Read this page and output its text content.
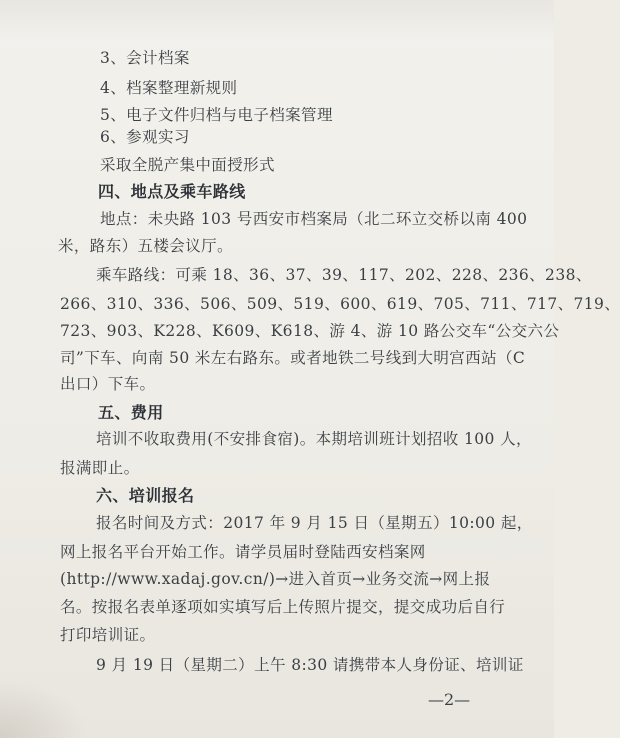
3、会计档案
4、档案整理新规则
5、电子文件归档与电子档案管理
6、参观实习
采取全脱产集中面授形式
四、地点及乘车路线
地点：未央路 103 号西安市档案局（北二环立交桥以南 400
米，路东）五楼会议厅。
乘车路线：可乘 18、36、37、39、117、202、228、236、238、
266、310、336、506、509、519、600、619、705、711、717、719、
723、903、K228、K609、K618、游 4、游 10 路公交车“公交六公
司”下车、向南 50 米左右路东。或者地铁二号线到大明宫西站（C
出口）下车。
五、费用
培训不收取费用(不安排食宿)。本期培训班计划招收 100 人，
报满即止。
六、培训报名
报名时间及方式：2017 年 9 月 15 日（星期五）10:00 起，
网上报名平台开始工作。请学员届时登陆西安档案网
(http://www.xadaj.gov.cn/)→进入首页→业务交流→网上报
名。按报名表单逐项如实填写后上传照片提交，提交成功后自行
打印培训证。
9 月 19 日（星期二）上午 8:30 请携带本人身份证、培训证
—2—
